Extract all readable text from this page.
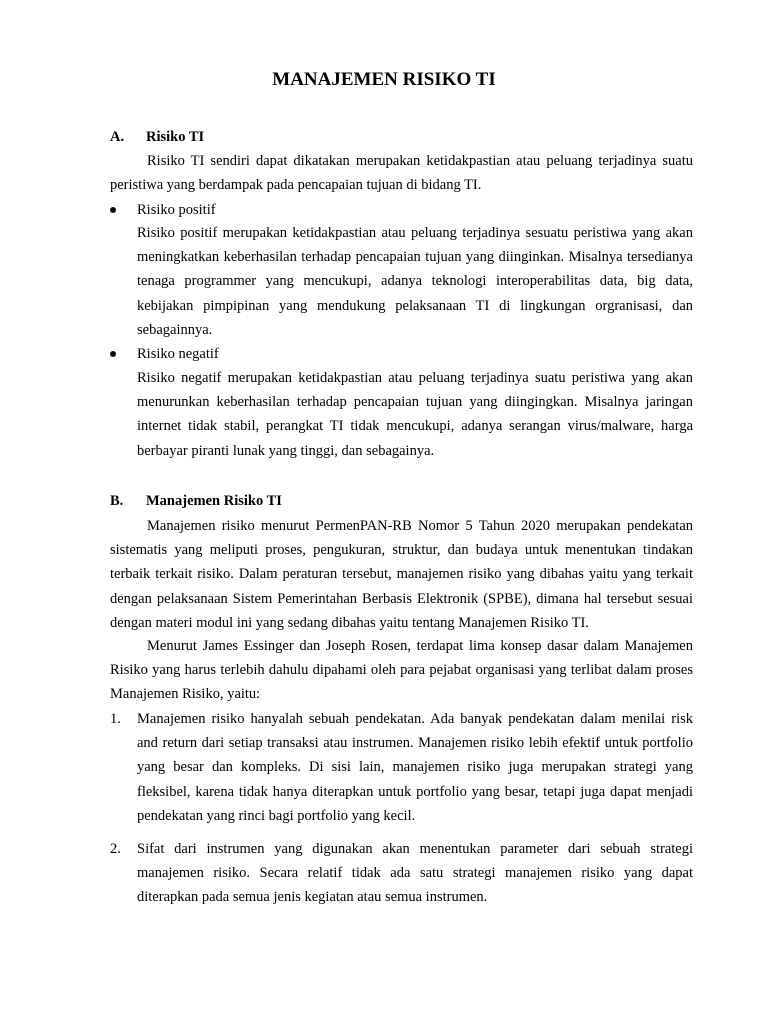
MANAJEMEN RISIKO TI
A. Risiko TI

Risiko TI sendiri dapat dikatakan merupakan ketidakpastian atau peluang terjadinya suatu peristiwa yang berdampak pada pencapaian tujuan di bidang TI.

Risiko positif

Risiko positif merupakan ketidakpastian atau peluang terjadinya sesuatu peristiwa yang akan meningkatkan keberhasilan terhadap pencapaian tujuan yang diinginkan. Misalnya tersedianya tenaga programmer yang mencukupi, adanya teknologi interoperabilitas data, big data, kebijakan pimpipinan yang mendukung pelaksanaan TI di lingkungan orgranisasi, dan sebagainnya.

Risiko negatif

Risiko negatif merupakan ketidakpastian atau peluang terjadinya suatu peristiwa yang akan menurunkan keberhasilan terhadap pencapaian tujuan yang diingingkan. Misalnya jaringan internet tidak stabil, perangkat TI tidak mencukupi, adanya serangan virus/malware, harga berbayar piranti lunak yang tinggi, dan sebagainya.

B. Manajemen Risiko TI

Manajemen risiko menurut PermenPAN-RB Nomor 5 Tahun 2020 merupakan pendekatan sistematis yang meliputi proses, pengukuran, struktur, dan budaya untuk menentukan tindakan terbaik terkait risiko. Dalam peraturan tersebut, manajemen risiko yang dibahas yaitu yang terkait dengan pelaksanaan Sistem Pemerintahan Berbasis Elektronik (SPBE), dimana hal tersebut sesuai dengan materi modul ini yang sedang dibahas yaitu tentang Manajemen Risiko TI.

Menurut James Essinger dan Joseph Rosen, terdapat lima konsep dasar dalam Manajemen Risiko yang harus terlebih dahulu dipahami oleh para pejabat organisasi yang terlibat dalam proses Manajemen Risiko, yaitu:

1. Manajemen risiko hanyalah sebuah pendekatan. Ada banyak pendekatan dalam menilai risk and return dari setiap transaksi atau instrumen. Manajemen risiko lebih efektif untuk portfolio yang besar dan kompleks. Di sisi lain, manajemen risiko juga merupakan strategi yang fleksibel, karena tidak hanya diterapkan untuk portfolio yang besar, tetapi juga dapat menjadi pendekatan yang rinci bagi portfolio yang kecil.

2. Sifat dari instrumen yang digunakan akan menentukan parameter dari sebuah strategi manajemen risiko. Secara relatif tidak ada satu strategi manajemen risiko yang dapat diterapkan pada semua jenis kegiatan atau semua instrumen.
